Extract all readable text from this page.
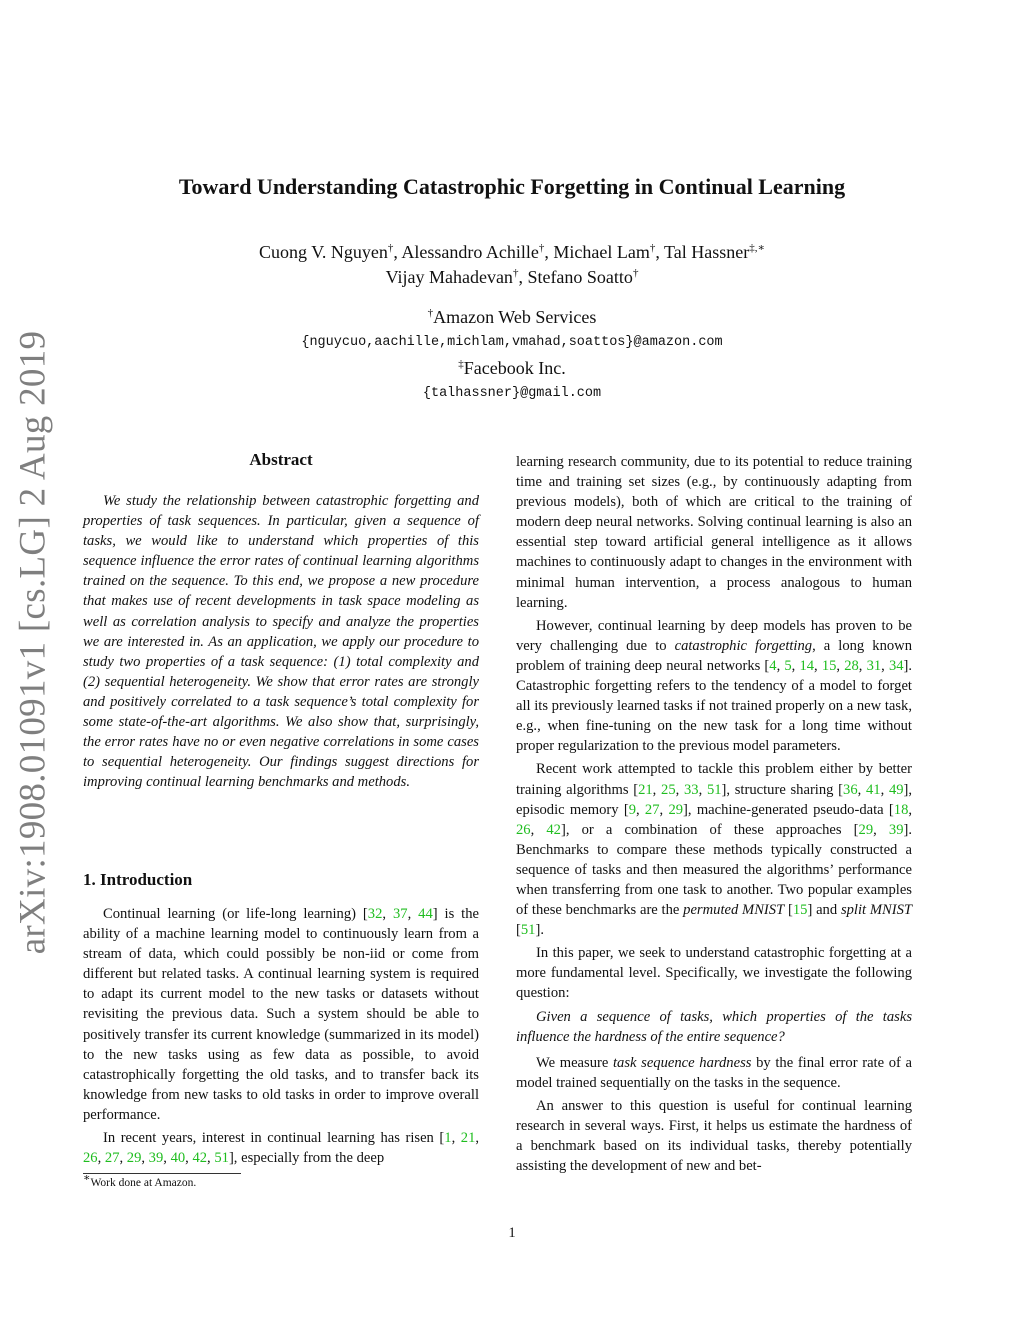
arXiv:1908.01091v1 [cs.LG] 2 Aug 2019
Toward Understanding Catastrophic Forgetting in Continual Learning
Cuong V. Nguyen†, Alessandro Achille†, Michael Lam†, Tal Hassner‡,∗
Vijay Mahadevan†, Stefano Soatto†
†Amazon Web Services
{nguycuo,aachille,michlam,vmahad,soattos}@amazon.com
‡Facebook Inc.
{talhassner}@gmail.com
Abstract

We study the relationship between catastrophic forgetting and properties of task sequences. In particular, given a sequence of tasks, we would like to understand which properties of this sequence influence the error rates of continual learning algorithms trained on the sequence. To this end, we propose a new procedure that makes use of recent developments in task space modeling as well as correlation analysis to specify and analyze the properties we are interested in. As an application, we apply our procedure to study two properties of a task sequence: (1) total complexity and (2) sequential heterogeneity. We show that error rates are strongly and positively correlated to a task sequence’s total complexity for some state-of-the-art algorithms. We also show that, surprisingly, the error rates have no or even negative correlations in some cases to sequential heterogeneity. Our findings suggest directions for improving continual learning benchmarks and methods.

1. Introduction

Continual learning (or life-long learning) [32, 37, 44] is the ability of a machine learning model to continuously learn from a stream of data, which could possibly be non-iid or come from different but related tasks. A continual learning system is required to adapt its current model to the new tasks or datasets without revisiting the previous data. Such a system should be able to positively transfer its current knowledge (summarized in its model) to the new tasks using as few data as possible, to avoid catastrophically forgetting the old tasks, and to transfer back its knowledge from new tasks to old tasks in order to improve overall performance.

In recent years, interest in continual learning has risen [1, 21, 26, 27, 29, 39, 40, 42, 51], especially from the deep

learning research community, due to its potential to reduce training time and training set sizes (e.g., by continuously adapting from previous models), both of which are critical to the training of modern deep neural networks. Solving continual learning is also an essential step toward artificial general intelligence as it allows machines to continuously adapt to changes in the environment with minimal human intervention, a process analogous to human learning.

However, continual learning by deep models has proven to be very challenging due to catastrophic forgetting, a long known problem of training deep neural networks [4, 5, 14, 15, 28, 31, 34]. Catastrophic forgetting refers to the tendency of a model to forget all its previously learned tasks if not trained properly on a new task, e.g., when fine-tuning on the new task for a long time without proper regularization to the previous model parameters.

Recent work attempted to tackle this problem either by better training algorithms [21, 25, 33, 51], structure sharing [36, 41, 49], episodic memory [9, 27, 29], machine-generated pseudo-data [18, 26, 42], or a combination of these approaches [29, 39]. Benchmarks to compare these methods typically constructed a sequence of tasks and then measured the algorithms’ performance when transferring from one task to another. Two popular examples of these benchmarks are the permuted MNIST [15] and split MNIST [51].

In this paper, we seek to understand catastrophic forgetting at a more fundamental level. Specifically, we investigate the following question:

Given a sequence of tasks, which properties of the tasks influence the hardness of the entire sequence?

We measure task sequence hardness by the final error rate of a model trained sequentially on the tasks in the sequence.

An answer to this question is useful for continual learning research in several ways. First, it helps us estimate the hardness of a benchmark based on its individual tasks, thereby potentially assisting the development of new and bet-

∗Work done at Amazon.
1
